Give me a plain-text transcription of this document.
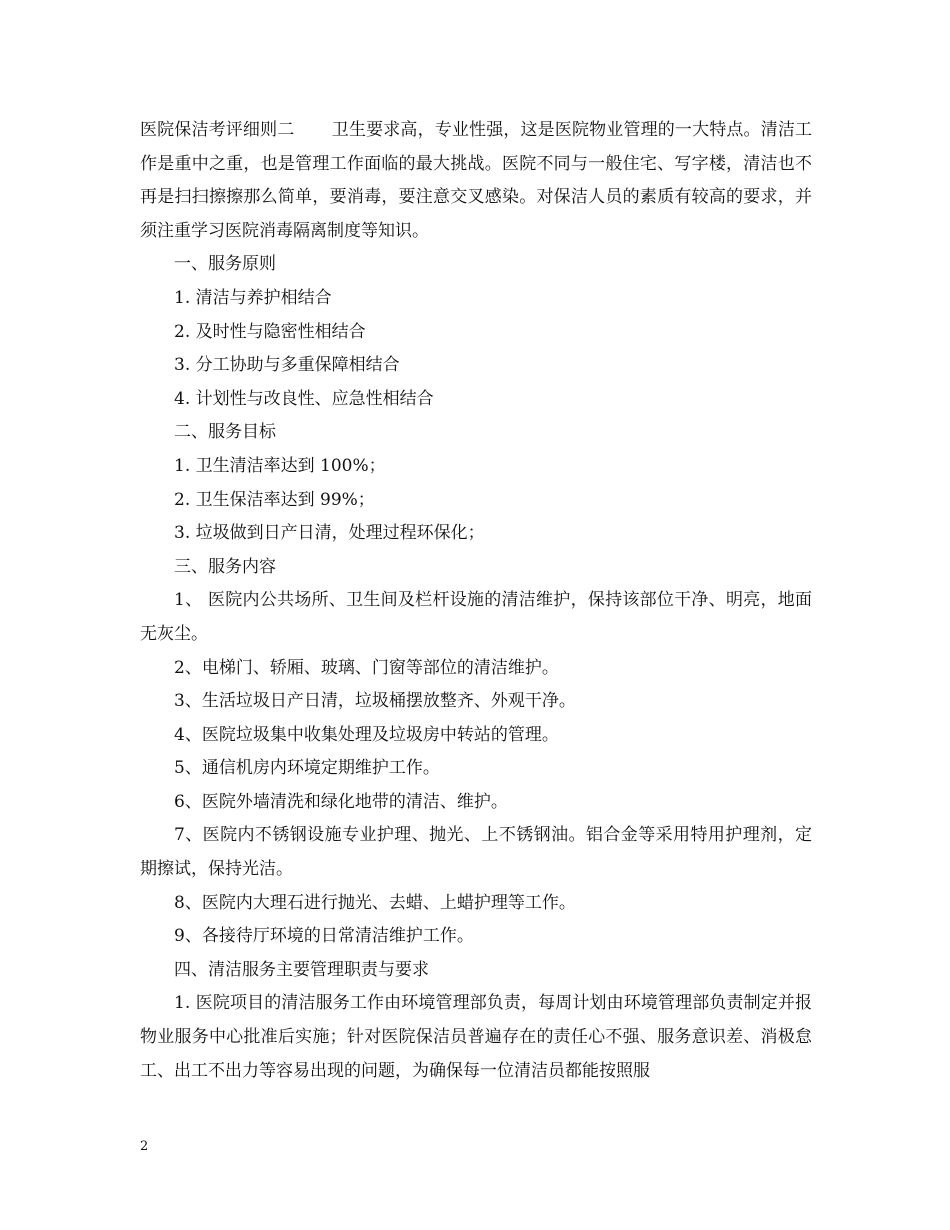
医院保洁考评细则二 卫生要求高，专业性强，这是医院物业管理的一大特点。清洁工作是重中之重，也是管理工作面临的最大挑战。医院不同与一般住宅、写字楼，清洁也不再是扫扫擦擦那么简单，要消毒，要注意交叉感染。对保洁人员的素质有较高的要求，并须注重学习医院消毒隔离制度等知识。

一、服务原则

1. 清洁与养护相结合

2. 及时性与隐密性相结合

3. 分工协助与多重保障相结合

4. 计划性与改良性、应急性相结合

二、服务目标

1. 卫生清洁率达到 100%；

2. 卫生保洁率达到 99%；

3. 垃圾做到日产日清，处理过程环保化；

三、服务内容

1、 医院内公共场所、卫生间及栏杆设施的清洁维护，保持该部位干净、明亮，地面无灰尘。

2、电梯门、轿厢、玻璃、门窗等部位的清洁维护。

3、生活垃圾日产日清，垃圾桶摆放整齐、外观干净。

4、医院垃圾集中收集处理及垃圾房中转站的管理。

5、通信机房内环境定期维护工作。

6、医院外墙清洗和绿化地带的清洁、维护。

7、医院内不锈钢设施专业护理、抛光、上不锈钢油。铝合金等采用特用护理剂，定期擦试，保持光洁。

8、医院内大理石进行抛光、去蜡、上蜡护理等工作。

9、各接待厅环境的日常清洁维护工作。

四、清洁服务主要管理职责与要求

1. 医院项目的清洁服务工作由环境管理部负责，每周计划由环境管理部负责制定并报物业服务中心批准后实施；针对医院保洁员普遍存在的责任心不强、服务意识差、消极怠工、出工不出力等容易出现的问题，为确保每一位清洁员都能按照服

2
